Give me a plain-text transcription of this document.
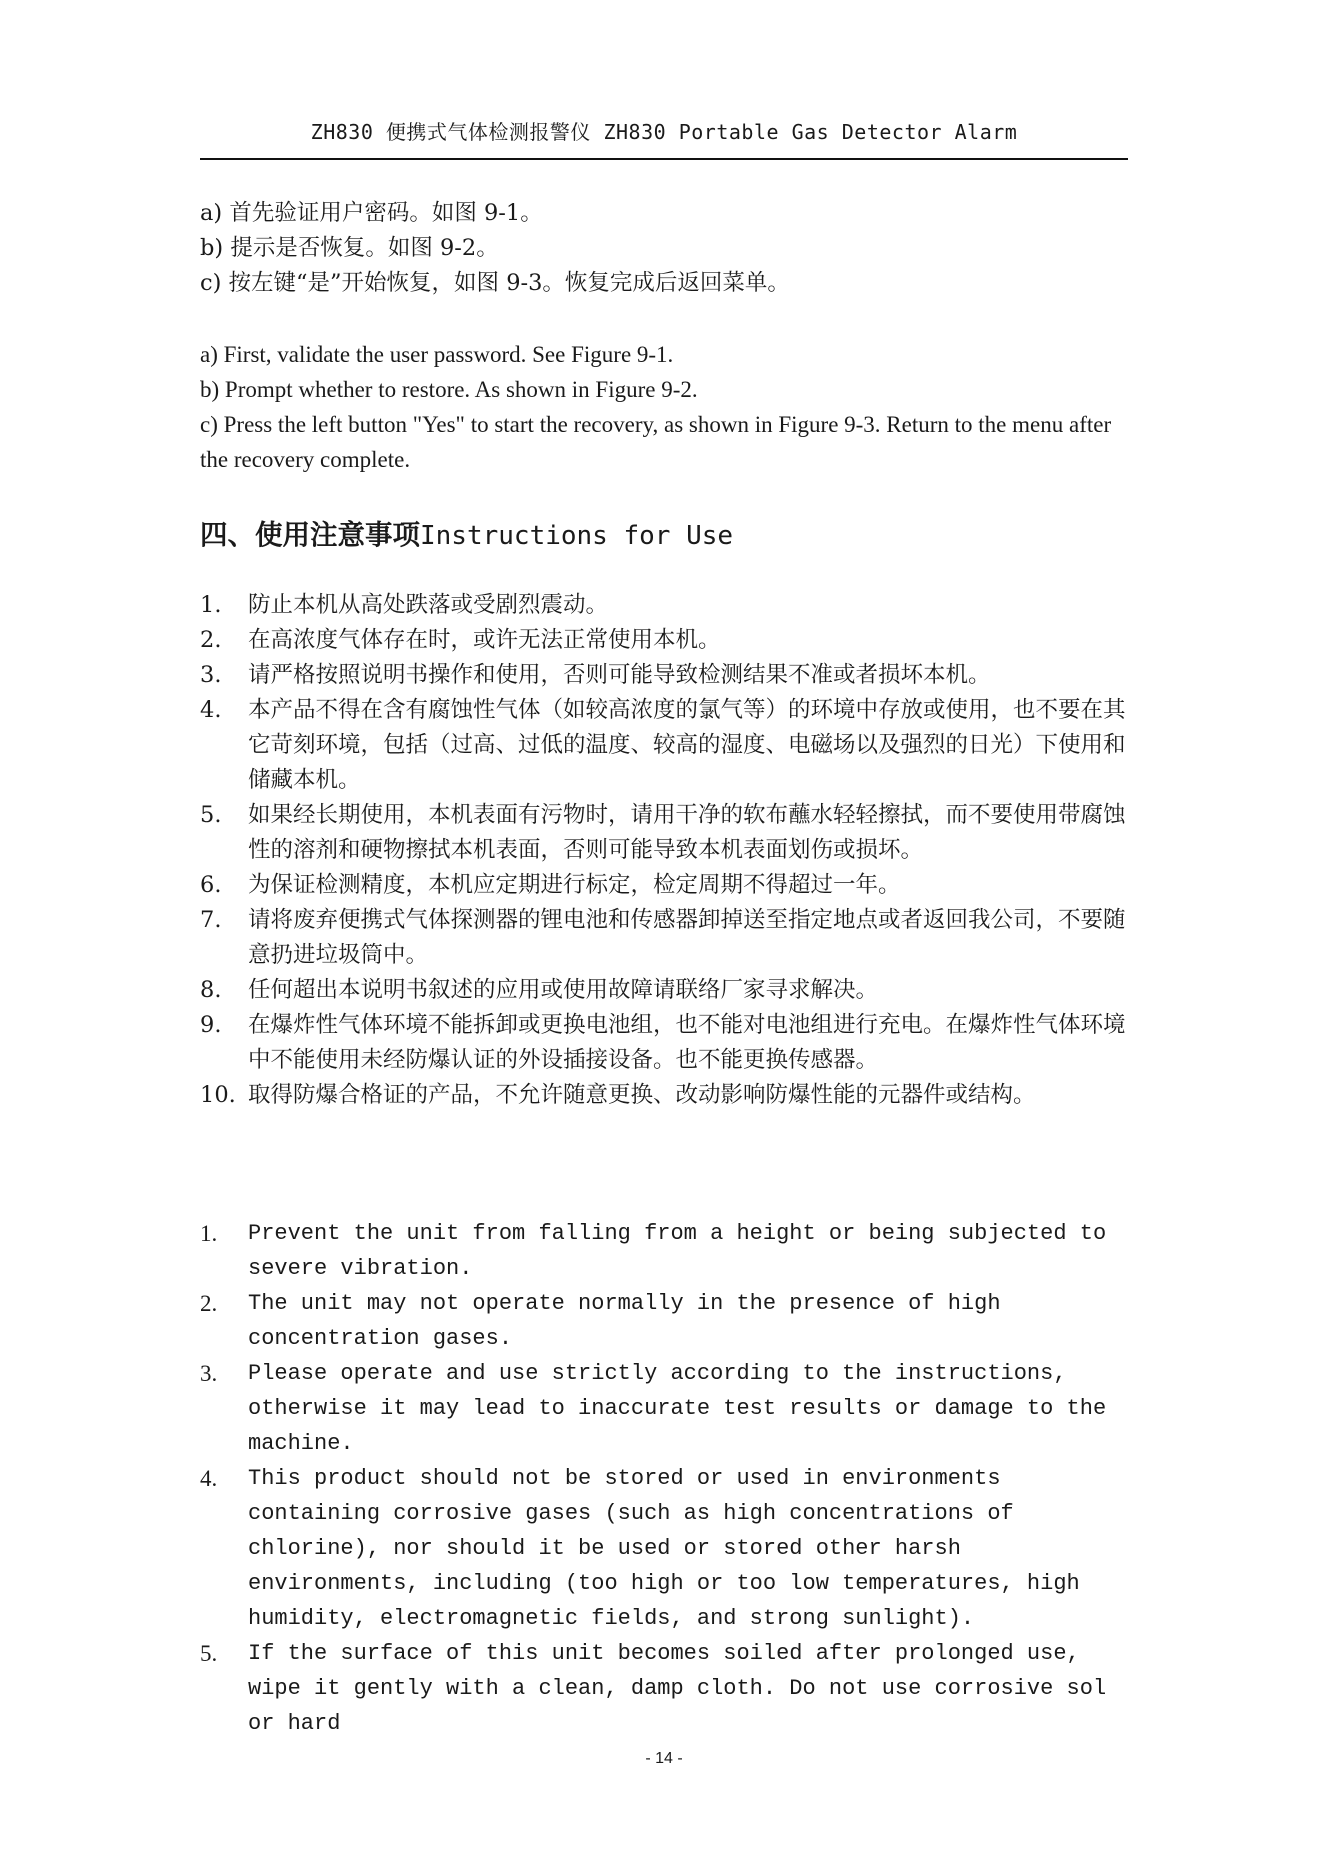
ZH830 便携式气体检测报警仪 ZH830 Portable Gas Detector Alarm

a) 首先验证用户密码。如图 9-1。

b) 提示是否恢复。如图 9-2。

c) 按左键“是”开始恢复，如图 9-3。恢复完成后返回菜单。

a) First, validate the user password. See Figure 9-1.

b) Prompt whether to restore. As shown in Figure 9-2.

c) Press the left button "Yes" to start the recovery, as shown in Figure 9-3. Return to the menu after the recovery complete.

四、使用注意事项Instructions for Use
1. 防止本机从高处跌落或受剧烈震动。
2. 在高浓度气体存在时，或许无法正常使用本机。
3. 请严格按照说明书操作和使用，否则可能导致检测结果不准或者损坏本机。
4. 本产品不得在含有腐蚀性气体（如较高浓度的氯气等）的环境中存放或使用，也不要在其它苛刻环境，包括（过高、过低的温度、较高的湿度、电磁场以及强烈的日光）下使用和储藏本机。
5. 如果经长期使用，本机表面有污物时，请用干净的软布蘸水轻轻擦拭，而不要使用带腐蚀性的溶剂和硬物擦拭本机表面，否则可能导致本机表面划伤或损坏。
6. 为保证检测精度，本机应定期进行标定，检定周期不得超过一年。
7. 请将废弃便携式气体探测器的锂电池和传感器卸掉送至指定地点或者返回我公司，不要随意扔进垃圾筒中。
8. 任何超出本说明书叙述的应用或使用故障请联络厂家寻求解决。
9. 在爆炸性气体环境不能拆卸或更换电池组，也不能对电池组进行充电。在爆炸性气体环境中不能使用未经防爆认证的外设插接设备。也不能更换传感器。
10. 取得防爆合格证的产品，不允许随意更换、改动影响防爆性能的元器件或结构。
1. Prevent the unit from falling from a height or being subjected to severe vibration.
2. The unit may not operate normally in the presence of high concentration gases.
3. Please operate and use strictly according to the instructions, otherwise it may lead to inaccurate test results or damage to the machine.
4. This product should not be stored or used in environments containing corrosive gases (such as high concentrations of chlorine), nor should it be used or stored other harsh environments, including (too high or too low temperatures, high humidity, electromagnetic fields, and strong sunlight).
5. If the surface of this unit becomes soiled after prolonged use, wipe it gently with a clean, damp cloth. Do not use corrosive sol or hard
- 14 -
